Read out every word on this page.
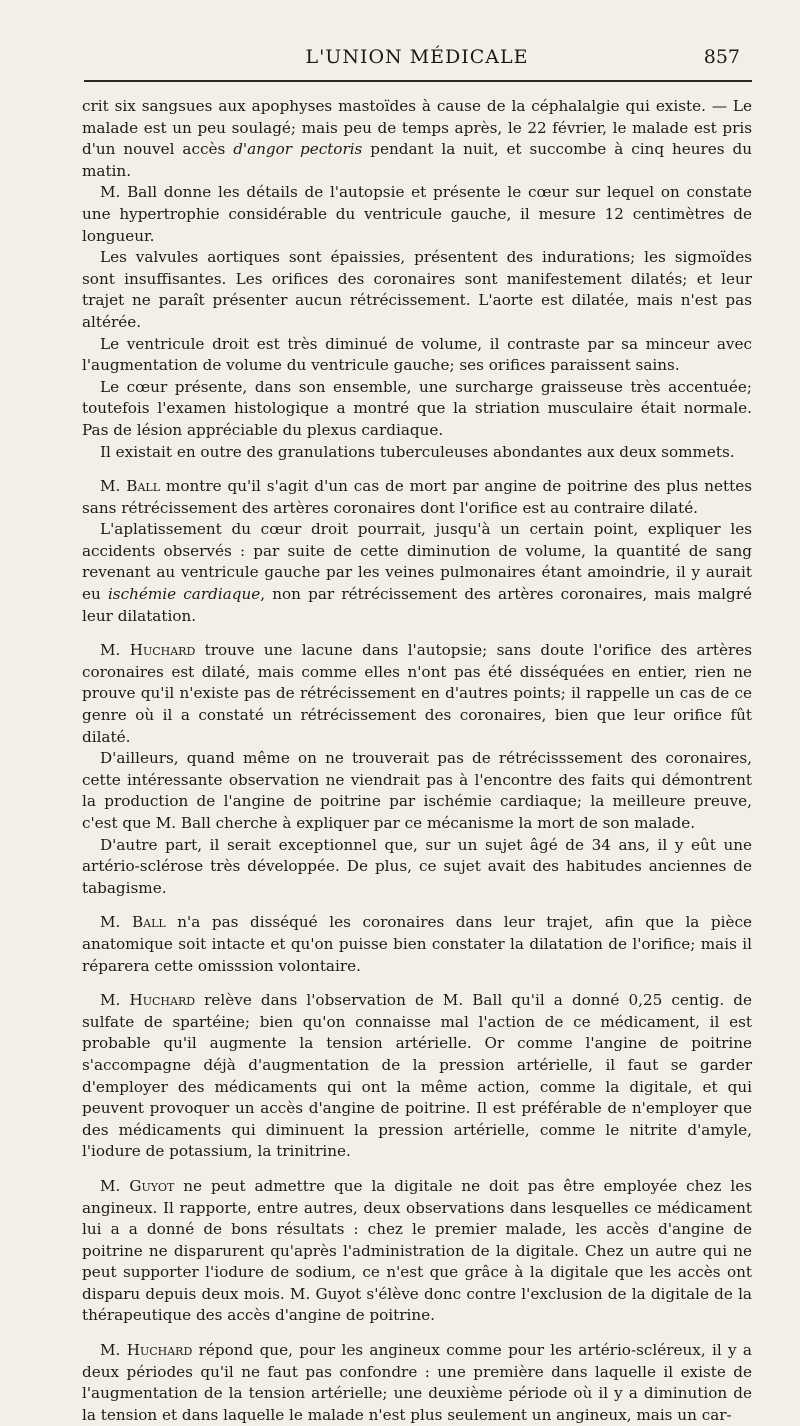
L'UNION MÉDICALE	857

crit six sangsues aux apophyses mastoïdes à cause de la céphalalgie qui existe. — Le malade est un peu soulagé; mais peu de temps après, le 22 février, le malade est pris d'un nouvel accès d'angor pectoris pendant la nuit, et succombe à cinq heures du matin.

M. Ball donne les détails de l'autopsie et présente le cœur sur lequel on constate une hypertrophie considérable du ventricule gauche, il mesure 12 centimètres de longueur.

Les valvules aortiques sont épaissies, présentent des indurations; les sigmoïdes sont insuffisantes. Les orifices des coronaires sont manifestement dilatés; et leur trajet ne paraît présenter aucun rétrécissement. L'aorte est dilatée, mais n'est pas altérée.

Le ventricule droit est très diminué de volume, il contraste par sa minceur avec l'augmentation de volume du ventricule gauche; ses orifices paraissent sains.

Le cœur présente, dans son ensemble, une surcharge graisseuse très accentuée; toutefois l'examen histologique a montré que la striation musculaire était normale. Pas de lésion appréciable du plexus cardiaque.

Il existait en outre des granulations tuberculeuses abondantes aux deux sommets.

M. Ball montre qu'il s'agit d'un cas de mort par angine de poitrine des plus nettes sans rétrécissement des artères coronaires dont l'orifice est au contraire dilaté.

L'aplatissement du cœur droit pourrait, jusqu'à un certain point, expliquer les accidents observés : par suite de cette diminution de volume, la quantité de sang revenant au ventricule gauche par les veines pulmonaires étant amoindrie, il y aurait eu ischémie cardiaque, non par rétrécissement des artères coronaires, mais malgré leur dilatation.

M. Huchard trouve une lacune dans l'autopsie; sans doute l'orifice des artères coronaires est dilaté, mais comme elles n'ont pas été disséquées en entier, rien ne prouve qu'il n'existe pas de rétrécissement en d'autres points; il rappelle un cas de ce genre où il a constaté un rétrécissement des coronaires, bien que leur orifice fût dilaté.

D'ailleurs, quand même on ne trouverait pas de rétrécisssement des coronaires, cette intéressante observation ne viendrait pas à l'encontre des faits qui démontrent la production de l'angine de poitrine par ischémie cardiaque; la meilleure preuve, c'est que M. Ball cherche à expliquer par ce mécanisme la mort de son malade.

D'autre part, il serait exceptionnel que, sur un sujet âgé de 34 ans, il y eût une artério-sclérose très développée. De plus, ce sujet avait des habitudes anciennes de tabagisme.

M. Ball n'a pas disséqué les coronaires dans leur trajet, afin que la pièce anatomique soit intacte et qu'on puisse bien constater la dilatation de l'orifice; mais il réparera cette omisssion volontaire.

M. Huchard relève dans l'observation de M. Ball qu'il a donné 0,25 centig. de sulfate de spartéine; bien qu'on connaisse mal l'action de ce médicament, il est probable qu'il augmente la tension artérielle. Or comme l'angine de poitrine s'accompagne déjà d'augmentation de la pression artérielle, il faut se garder d'employer des médicaments qui ont la même action, comme la digitale, et qui peuvent provoquer un accès d'angine de poitrine. Il est préférable de n'employer que des médicaments qui diminuent la pression artérielle, comme le nitrite d'amyle, l'iodure de potassium, la trinitrine.

M. Guyot ne peut admettre que la digitale ne doit pas être employée chez les angineux. Il rapporte, entre autres, deux observations dans lesquelles ce médicament lui a a donné de bons résultats : chez le premier malade, les accès d'angine de poitrine ne disparurent qu'après l'administration de la digitale. Chez un autre qui ne peut supporter l'iodure de sodium, ce n'est que grâce à la digitale que les accès ont disparu depuis deux mois. M. Guyot s'élève donc contre l'exclusion de la digitale de la thérapeutique des accès d'angine de poitrine.

M. Huchard répond que, pour les angineux comme pour les artério-scléreux, il y a deux périodes qu'il ne faut pas confondre : une première dans laquelle il existe de l'augmentation de la tension artérielle; une deuxième période où il y a diminution de la tension et dans laquelle le malade n'est plus seulement un angineux, mais un car-
